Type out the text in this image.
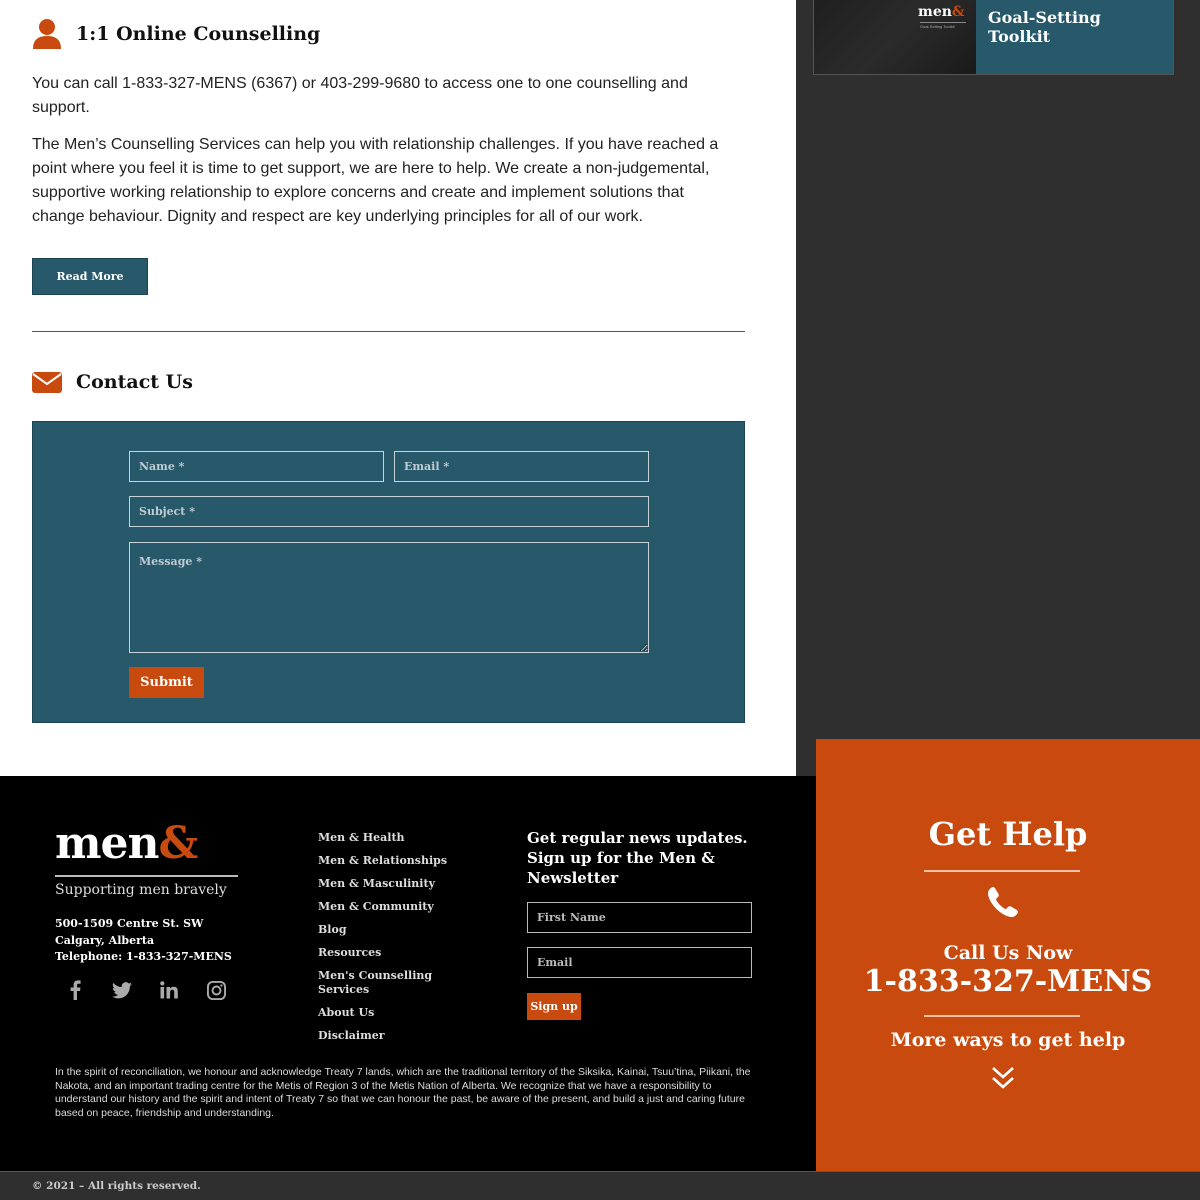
men&
Goal-Setting Toolkit	Goal-Setting Toolkit
1:1 Online Counselling

You can call 1-833-327-MENS (6367) or 403-299-9680 to access one to one counselling and support.

The Men’s Counselling Services can help you with relationship challenges. If you have reached a point where you feel it is time to get support, we are here to help. We create a non-judgemental, supportive working relationship to explore concerns and create and implement solutions that change behaviour. Dignity and respect are key underlying principles for all of our work.

Read More
Contact Us
Name *
Email *
Subject *
Message *
Submit
men&
Supporting men bravely
500-1509 Centre St. SW
Calgary, Alberta
Telephone: 1-833-327-MENS
Men & Health
Men & Relationships
Men & Masculinity
Men & Community
Blog
Resources
Men's Counselling Services
About Us
Disclaimer
Get regular news updates. Sign up for the Men & Newsletter
First Name
Email
Sign up

In the spirit of reconciliation, we honour and acknowledge Treaty 7 lands, which are the traditional territory of the Siksika, Kainai, Tsuu’tina, Piikani, the Nakota, and an important trading centre for the Metis of Region 3 of the Metis Nation of Alberta. We recognize that we have a responsibility to understand our history and the spirit and intent of Treaty 7 so that we can honour the past, be aware of the present, and build a just and caring future based on peace, friendship and understanding.

Get Help
Call Us Now
1-833-327-MENS
More ways to get help
© 2021 – All rights reserved.
